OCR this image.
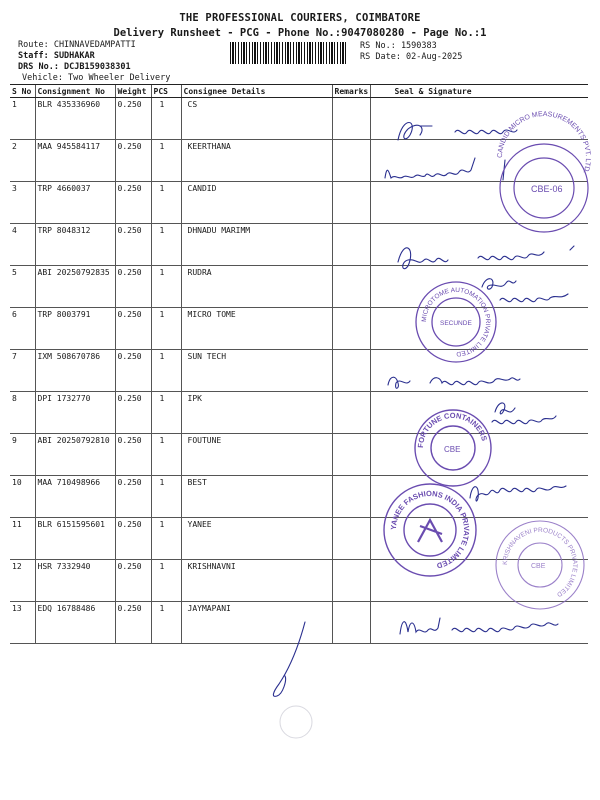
THE PROFESSIONAL COURIERS, COIMBATORE
Delivery Runsheet - PCG - Phone No.:9047080280 - Page No.:1
Route: CHINNAVEDAMPATTI
Staff: SUDHAKAR
DRS No.: DCJB159038301
Vehicle: Two Wheeler Delivery
RS No.: 1590383
RS Date: 02-Aug-2025
S No	Consignment No	Weight	PCS	Consignee Details	Remarks	Seal & Signature
1	BLR 435336960	0.250	1	CS		
2	MAA 945584117	0.250	1	KEERTHANA		
3	TRP 4660037	0.250	1	CANDID		
4	TRP 8048312	0.250	1	DHNADU MARIMM		
5	ABI 20250792835	0.250	1	RUDRA		
6	TRP 8003791	0.250	1	MICRO TOME		
7	IXM 508670786	0.250	1	SUN TECH		
8	DPI 1732770	0.250	1	IPK		
9	ABI 20250792810	0.250	1	FOUTUNE		
10	MAA 710498966	0.250	1	BEST		
11	BLR 6151595601	0.250	1	YANEE		
12	HSR 7332940	0.250	1	KRISHNAVNI		
13	EDQ 16788486	0.250	1	JAYMAPANI		
CANDID MICRO MEASUREMENTS PVT. LTD.
CBE-06
MICROTOME AUTOMATION PRIVATE LIMITED
SECUNDE
FORTUNE CONTAINERS
CBE
YANEE FASHIONS INDIA PRIVATE LIMITED	KRISHNAVENI PRODUCTS PRIVATE LIMITED
CBE
